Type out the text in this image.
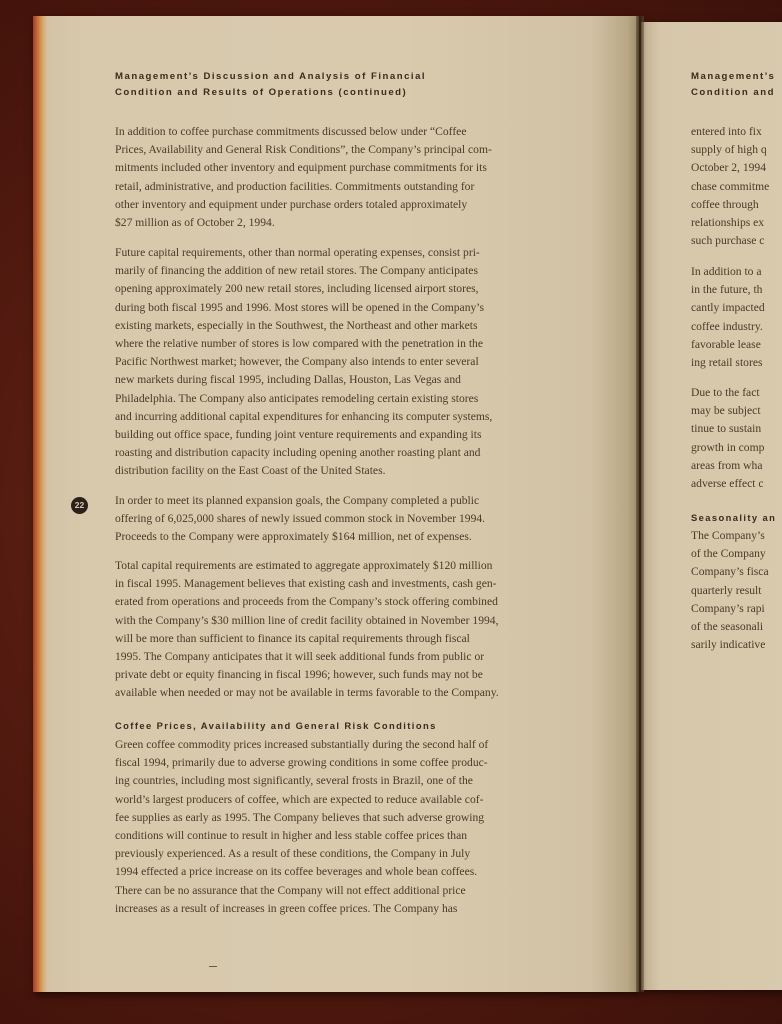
Management’s Discussion and Analysis of Financial
Condition and Results of Operations (continued)
In addition to coffee purchase commitments discussed below under “Coffee
Prices, Availability and General Risk Conditions”, the Company’s principal com-
mitments included other inventory and equipment purchase commitments for its
retail, administrative, and production facilities. Commitments outstanding for
other inventory and equipment under purchase orders totaled approximately
$27 million as of October 2, 1994.
Future capital requirements, other than normal operating expenses, consist pri-
marily of financing the addition of new retail stores. The Company anticipates
opening approximately 200 new retail stores, including licensed airport stores,
during both fiscal 1995 and 1996. Most stores will be opened in the Company’s
existing markets, especially in the Southwest, the Northeast and other markets
where the relative number of stores is low compared with the penetration in the
Pacific Northwest market; however, the Company also intends to enter several
new markets during fiscal 1995, including Dallas, Houston, Las Vegas and
Philadelphia. The Company also anticipates remodeling certain existing stores
and incurring additional capital expenditures for enhancing its computer systems,
building out office space, funding joint venture requirements and expanding its
roasting and distribution capacity including opening another roasting plant and
distribution facility on the East Coast of the United States.
22	In order to meet its planned expansion goals, the Company completed a public
offering of 6,025,000 shares of newly issued common stock in November 1994.
Proceeds to the Company were approximately $164 million, net of expenses.
Total capital requirements are estimated to aggregate approximately $120 million
in fiscal 1995. Management believes that existing cash and investments, cash gen-
erated from operations and proceeds from the Company’s stock offering combined
with the Company’s $30 million line of credit facility obtained in November 1994,
will be more than sufficient to finance its capital requirements through fiscal
1995. The Company anticipates that it will seek additional funds from public or
private debt or equity financing in fiscal 1996; however, such funds may not be
available when needed or may not be available in terms favorable to the Company.
Coffee Prices, Availability and General Risk Conditions
Green coffee commodity prices increased substantially during the second half of
fiscal 1994, primarily due to adverse growing conditions in some coffee produc-
ing countries, including most significantly, several frosts in Brazil, one of the
world’s largest producers of coffee, which are expected to reduce available cof-
fee supplies as early as 1995. The Company believes that such adverse growing
conditions will continue to result in higher and less stable coffee prices than
previously experienced. As a result of these conditions, the Company in July
1994 effected a price increase on its coffee beverages and whole bean coffees.
There can be no assurance that the Company will not effect additional price
increases as a result of increases in green coffee prices. The Company has
Management’s
Condition and
entered into fix
supply of high q
October 2, 1994
chase commitme
coffee through
relationships ex
such purchase c
In addition to a
in the future, th
cantly impacted
coffee industry.
favorable lease
ing retail stores
Due to the fact
may be subject
tinue to sustain
growth in comp
areas from wha
adverse effect c
Seasonality an
The Company’s
of the Company
Company’s fisca
quarterly result
Company’s rapi
of the seasonali
sarily indicative
